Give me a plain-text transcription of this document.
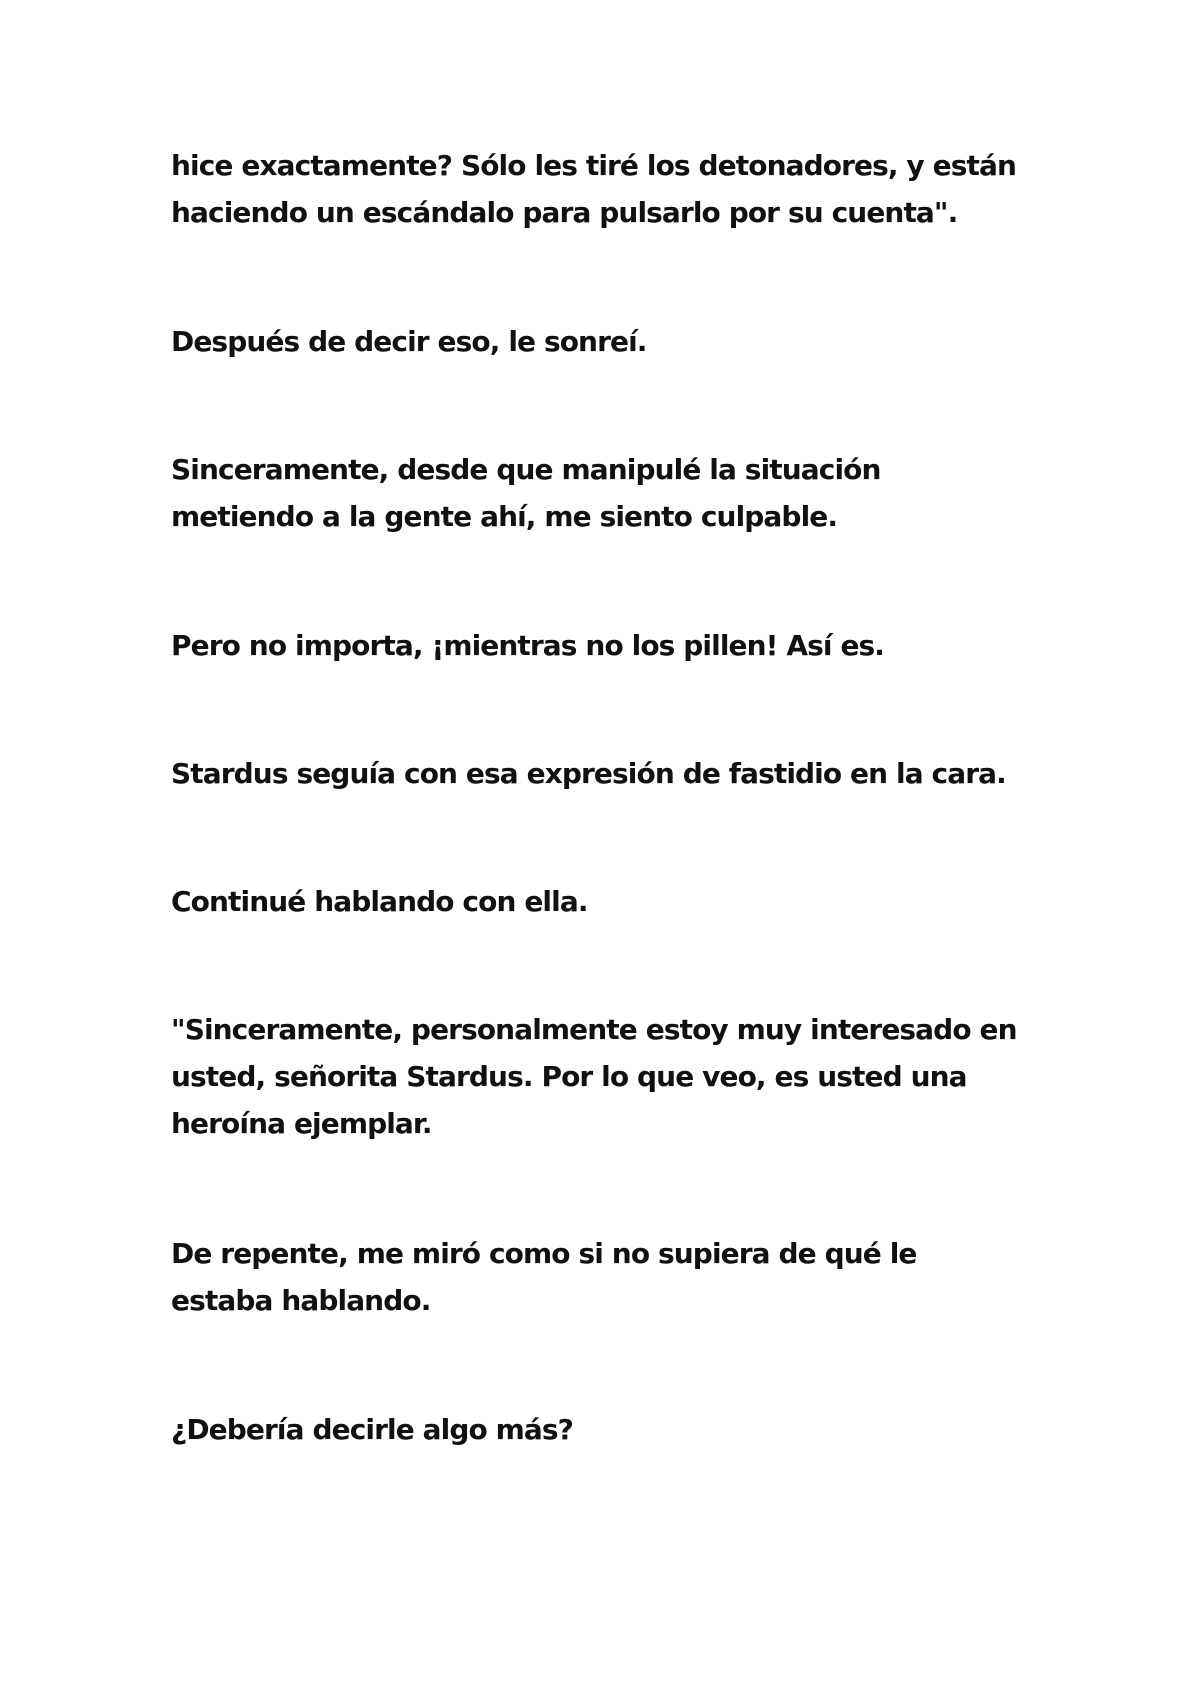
hice exactamente? Sólo les tiré los detonadores, y están
haciendo un escándalo para pulsarlo por su cuenta".

Después de decir eso, le sonreí.

Sinceramente, desde que manipulé la situación
metiendo a la gente ahí, me siento culpable.

Pero no importa, ¡mientras no los pillen! Así es.

Stardus seguía con esa expresión de fastidio en la cara.

Continué hablando con ella.

"Sinceramente, personalmente estoy muy interesado en
usted, señorita Stardus. Por lo que veo, es usted una
heroína ejemplar.

De repente, me miró como si no supiera de qué le
estaba hablando.

¿Debería decirle algo más?
